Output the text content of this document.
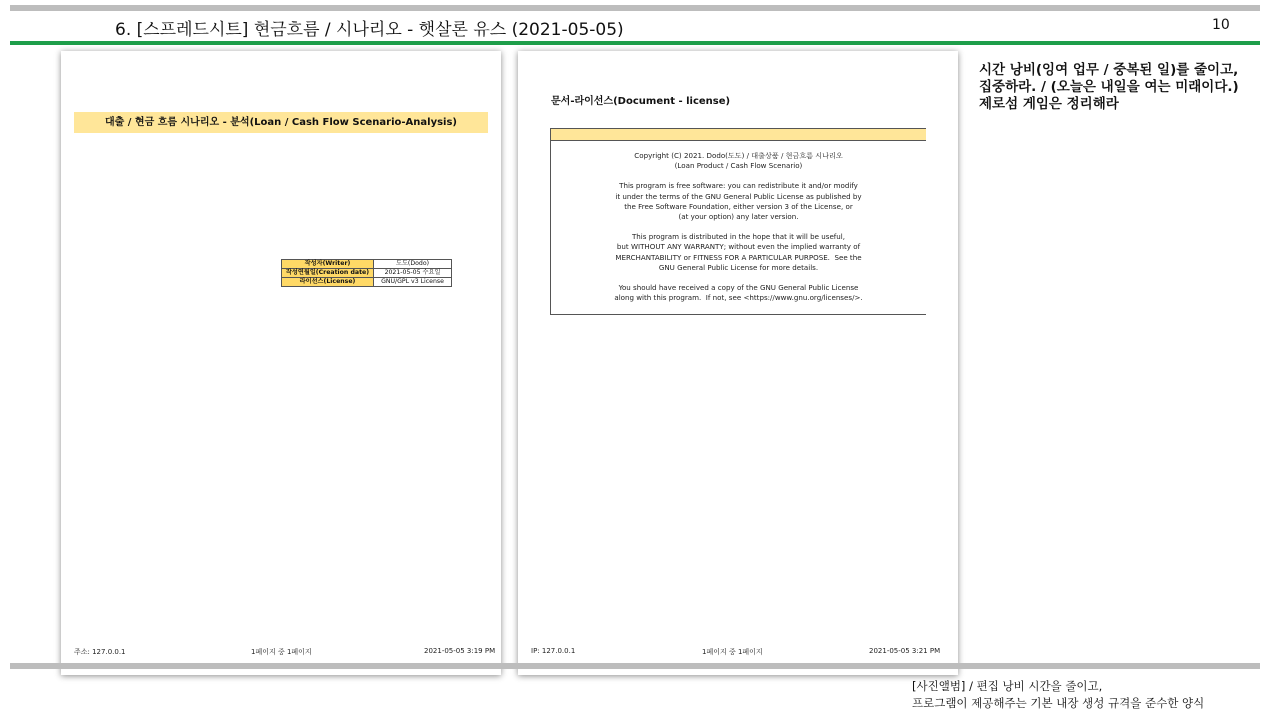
6. [스프레드시트] 현금흐름 / 시나리오 - 햇살론 유스 (2021-05-05)	10
대출 / 현금 흐름 시나리오 - 분석(Loan / Cash Flow Scenario-Analysis)
작성자(Writer)	도도(Dodo)
작성연월일(Creation date)	2021-05-05 수요일
라이선스(License)	GNU/GPL v3 License
주소: 127.0.0.1	1페이지 중 1페이지	2021-05-05 3:19 PM
문서-라이선스(Document - license)

Copyright (C) 2021. Dodo(도도) / 대출상품 / 현금흐름 시나리오
(Loan Product / Cash Flow Scenario)

This program is free software: you can redistribute it and/or modify
it under the terms of the GNU General Public License as published by
the Free Software Foundation, either version 3 of the License, or
(at your option) any later version.

This program is distributed in the hope that it will be useful,
but WITHOUT ANY WARRANTY; without even the implied warranty of
MERCHANTABILITY or FITNESS FOR A PARTICULAR PURPOSE.  See the
GNU General Public License for more details.

You should have received a copy of the GNU General Public License
along with this program.  If not, see <https://www.gnu.org/licenses/>.

IP: 127.0.0.1	1페이지 중 1페이지	2021-05-05 3:21 PM
시간 낭비(잉여 업무 / 중복된 일)를 줄이고,
집중하라. / (오늘은 내일을 여는 미래이다.)
제로섬 게임은 정리해라
[사진앨범] / 편집 낭비 시간을 줄이고,
프로그램이 제공해주는 기본 내장 생성 규격을 준수한 양식
